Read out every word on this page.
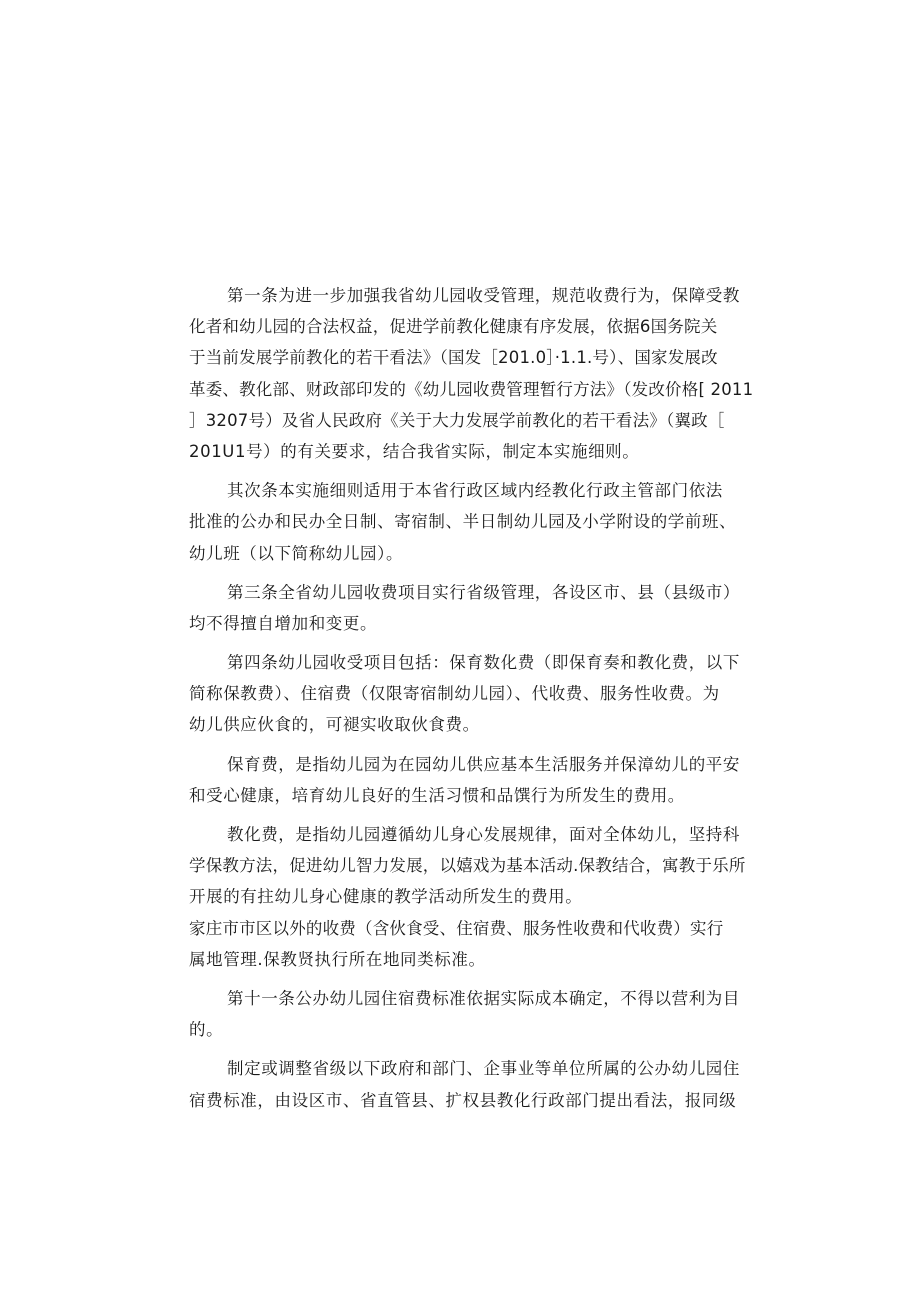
第一条为进一步加强我省幼儿园收受管理，规范收费行为，保障受教
化者和幼儿园的合法权益，促进学前教化健康有序发展，依据6国务院关
于当前发展学前教化的若干看法》（国发［201.0］·1.1.号）、国家发展改
革委、教化部、财政部印发的《幼儿园收费管理暂行方法》（发改价格[ 2011
］3207号）及省人民政府《关于大力发展学前教化的若干看法》（翼政［
201U1号）的有关要求，结合我省实际，制定本实施细则。
其次条本实施细则适用于本省行政区域内经教化行政主管部门依法
批准的公办和民办全日制、寄宿制、半日制幼儿园及小学附设的学前班、
幼儿班（以下简称幼儿园）。
第三条全省幼儿园收费项目实行省级管理，各设区市、县（县级市）
均不得擅自增加和变更。
第四条幼儿园收受项目包括：保育数化费（即保育奏和教化费，以下
简称保教费）、住宿费（仅限寄宿制幼儿园）、代收费、服务性收费。为
幼儿供应伙食的，可褪实收取伙食费。
保育费，是指幼儿园为在园幼儿供应基本生活服务并保漳幼儿的平安
和受心健康，培育幼儿良好的生活习惯和品馔行为所发生的费用。
教化费，是指幼儿园遵循幼儿身心发展规律，面对全体幼儿，坚持科
学保教方法，促进幼儿智力发展，以嬉戏为基本活动.保教结合，寓教于乐所
开展的有拄幼儿身心健康的教学活动所发生的费用。
家庄市市区以外的收费（含伙食受、住宿费、服务性收费和代收费）实行
属地管理.保教贤执行所在地同类标准。
第十一条公办幼儿园住宿费标准依据实际成本确定，不得以营利为目
的。
制定或调整省级以下政府和部门、企事业等单位所属的公办幼儿园住
宿费标准，由设区市、省直管县、扩权县教化行政部门提出看法，报同级
